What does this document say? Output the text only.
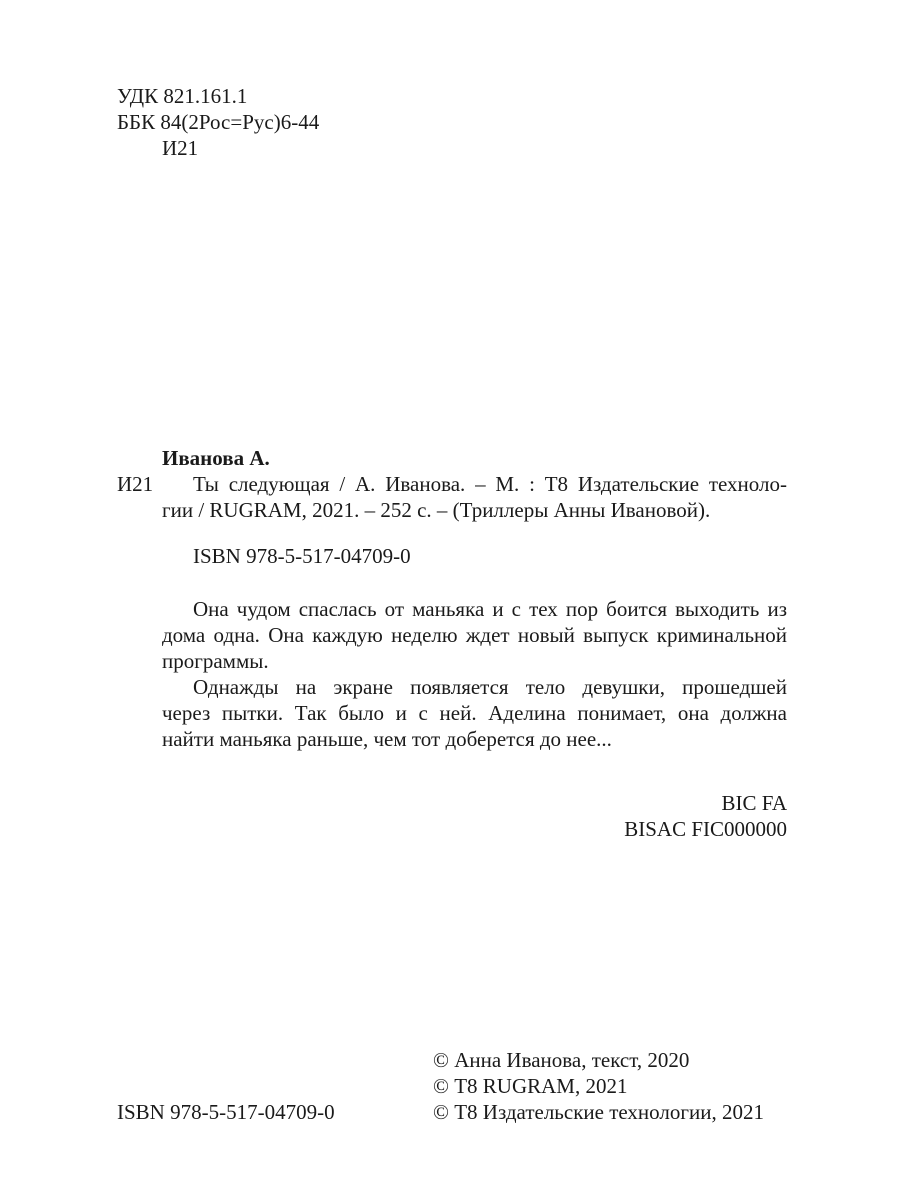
УДК 821.161.1
ББК 84(2Рос=Рус)6-44
И21
Иванова А.
И21 Ты следующая / А. Иванова. – М. : Т8 Издательские техноло-
гии / RUGRAM, 2021. – 252 с. – (Триллеры Анны Ивановой).
ISBN 978-5-517-04709-0
Она чудом спаслась от маньяка и с тех пор боится выходить из
дома одна. Она каждую неделю ждет новый выпуск криминальной
программы.
Однажды на экране появляется тело девушки, прошедшей
через пытки. Так было и с ней. Аделина понимает, она должна
найти маньяка раньше, чем тот доберется до нее...
BIC FA
BISAC FIC000000
© Анна Иванова, текст, 2020
© Т8 RUGRAM, 2021
ISBN 978-5-517-04709-0	© Т8 Издательские технологии, 2021
